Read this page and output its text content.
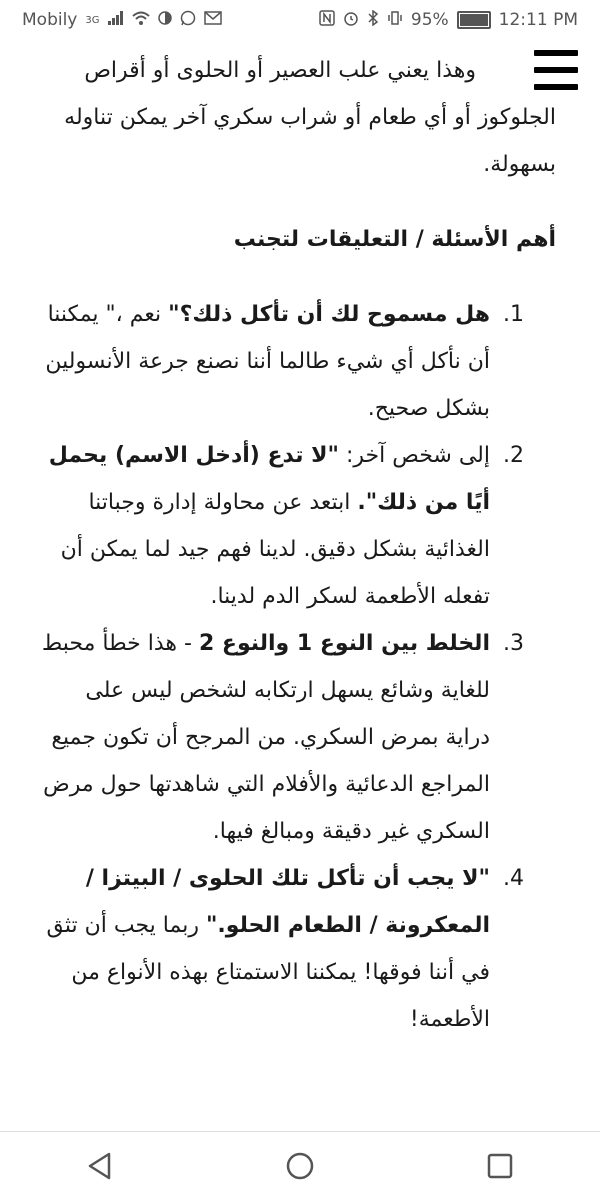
Mobily 3G	95%	12:11 PM

وهذا يعني علب العصير أو الحلوى أو أقراص

الجلوكوز أو أي طعام أو شراب سكري آخر يمكن تناوله بسهولة.

أهم الأسئلة / التعليقات لتجنب

1. هل مسموح لك أن تأكل ذلك؟" نعم ،" يمكننا أن نأكل أي شيء طالما أننا نصنع جرعة الأنسولين بشكل صحيح.
2. إلى شخص آخر: "لا تدع (أدخل الاسم) يحمل أيًا من ذلك". ابتعد عن محاولة إدارة وجباتنا الغذائية بشكل دقيق. لدينا فهم جيد لما يمكن أن تفعله الأطعمة لسكر الدم لدينا.
3. الخلط بين النوع 1 والنوع 2 - هذا خطأ محبط للغاية وشائع يسهل ارتكابه لشخص ليس على دراية بمرض السكري. من المرجح أن تكون جميع المراجع الدعائية والأفلام التي شاهدتها حول مرض السكري غير دقيقة ومبالغ فيها.
4. "لا يجب أن تأكل تلك الحلوى / البيتزا / المعكرونة / الطعام الحلو." ربما يجب أن تثق في أننا فوقها! يمكننا الاستمتاع بهذه الأنواع من الأطعمة!
